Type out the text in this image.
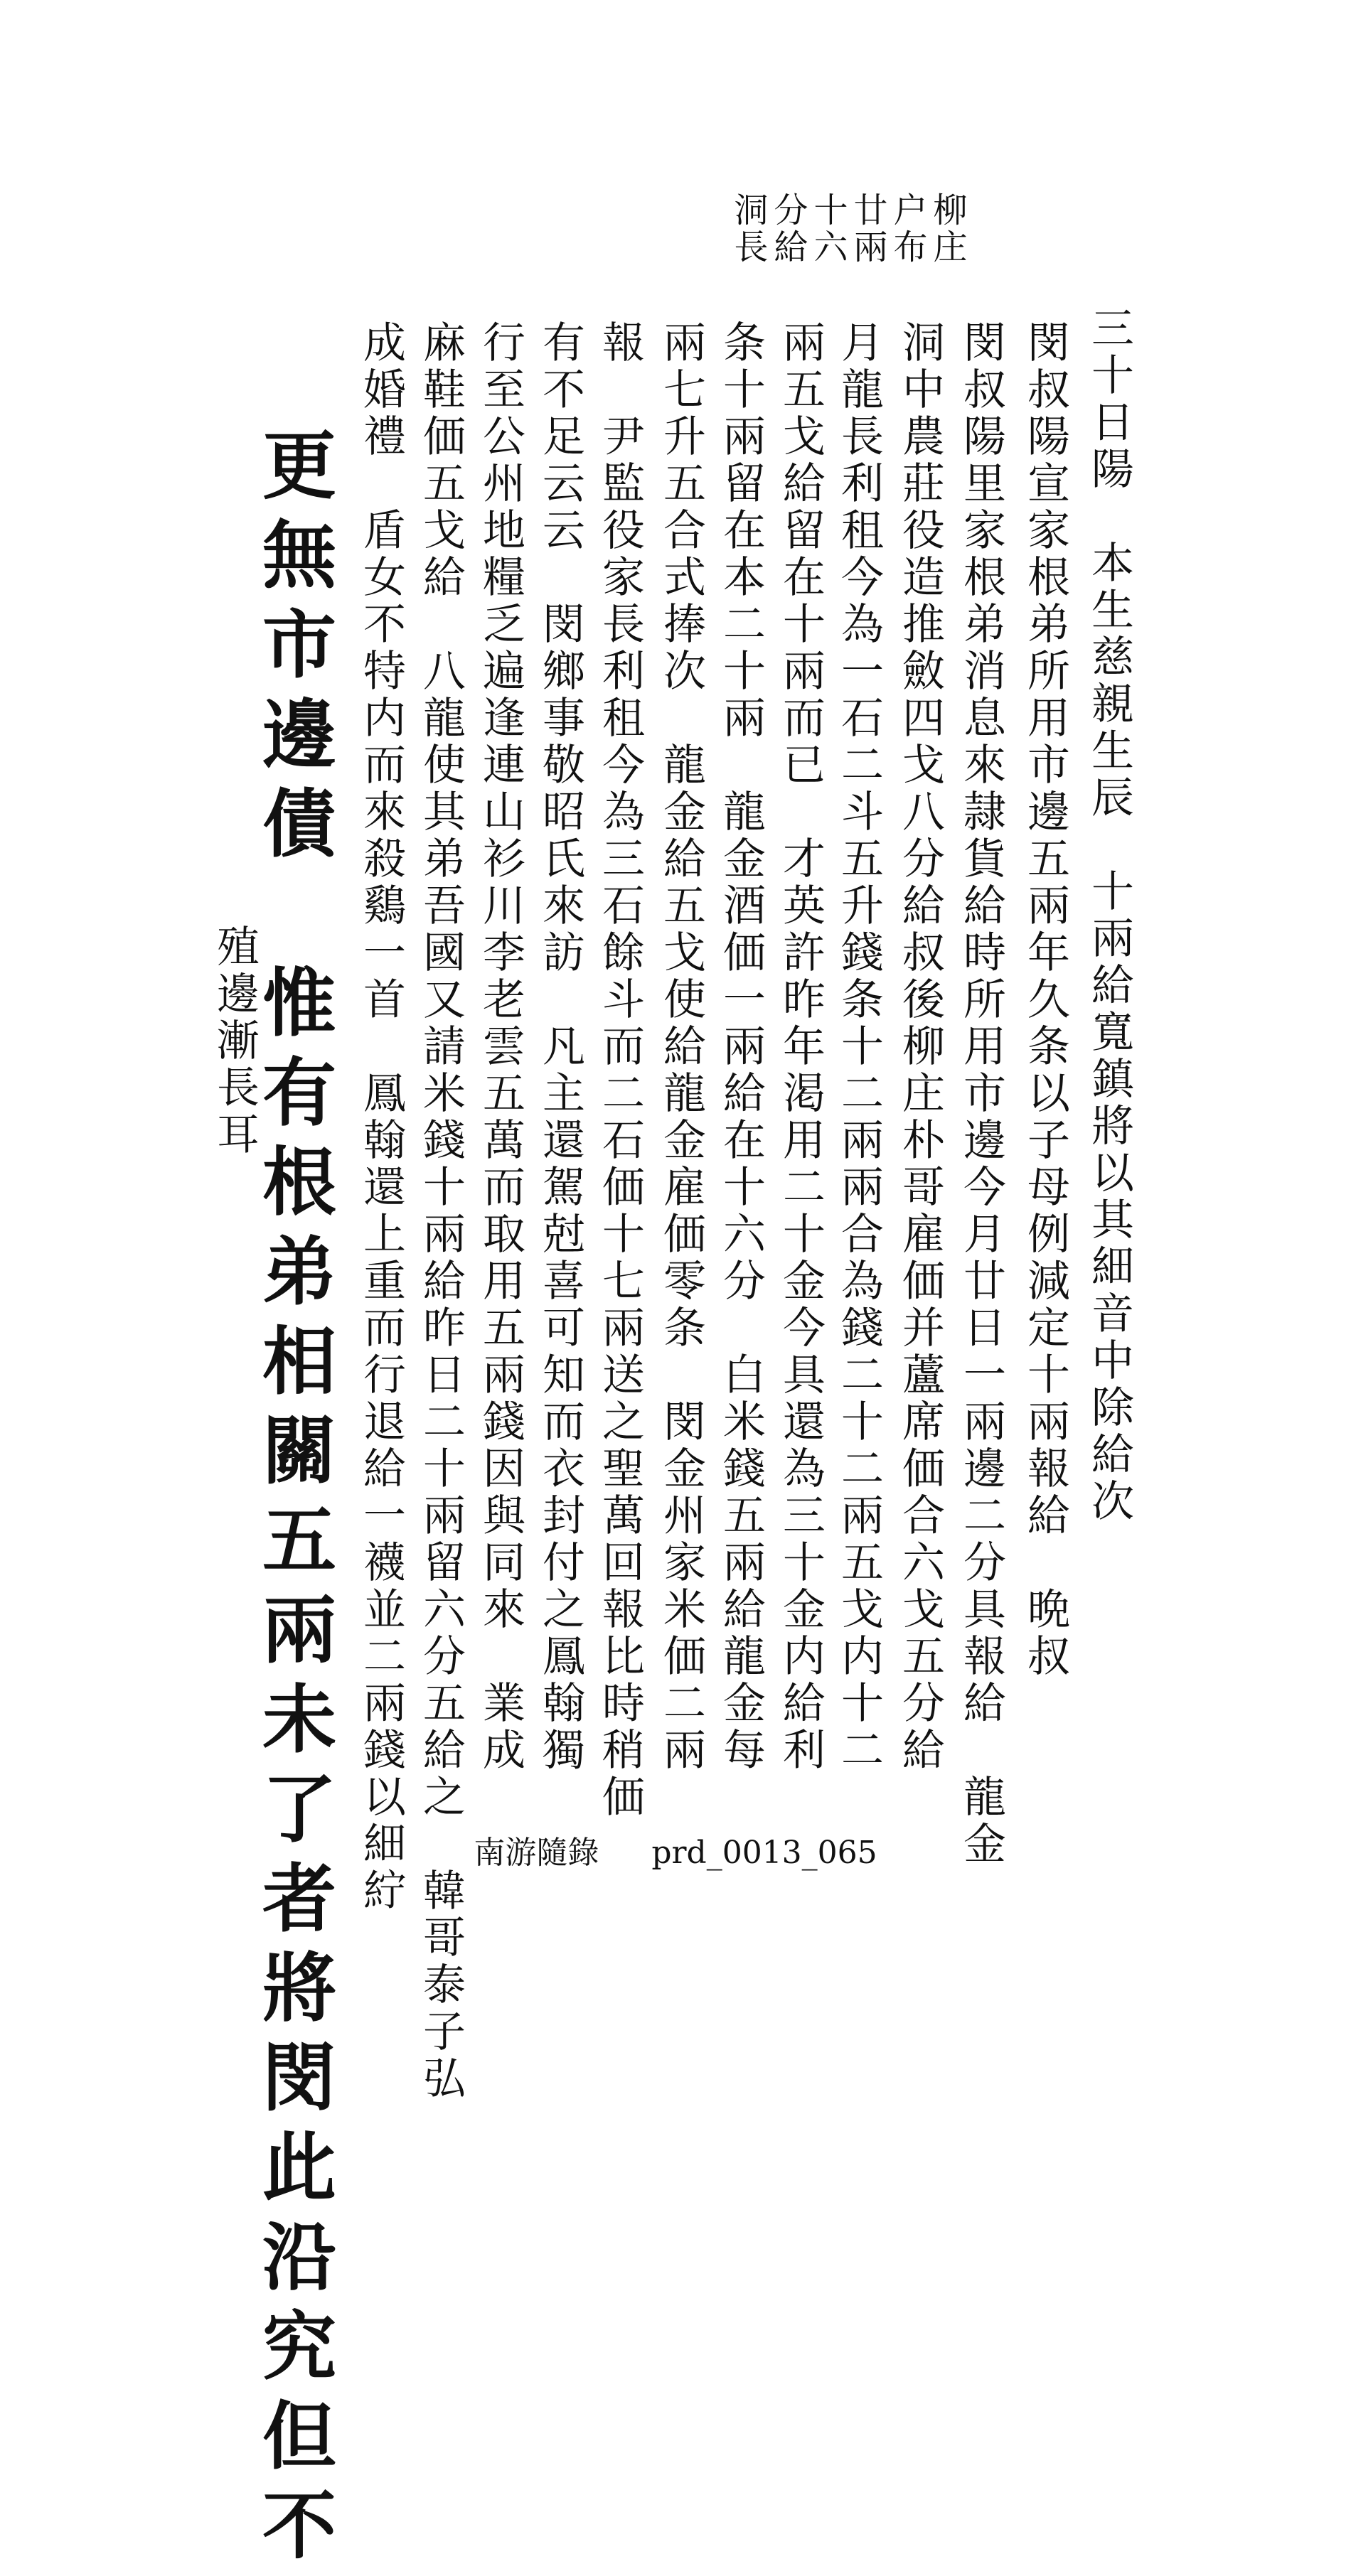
柳庄
户布
廿兩
十六
分給
洞長
三十日陽　本生慈親生辰　十兩給寬鎮將以其細音中除給次
閔叔陽宣家根弟所用市邊五兩年久条以子母例減定十兩報給　晩叔
閔叔陽里家根弟消息來隷貨給時所用市邊今月廿日一兩邊二分具報給　龍金
洞中農莊役造推斂四戈八分給叔後柳庄朴哥雇価并蘆席価合六戈五分給
月龍長利租今為一石二斗五升錢条十二兩兩合為錢二十二兩五戈内十二
兩五戈給留在十兩而已　才英許昨年渇用二十金今具還為三十金内給利
条十兩留在本二十兩　龍金酒価一兩給在十六分　白米錢五兩給龍金每
兩七升五合式捧次　龍金給五戈使給龍金雇価零条　閔金州家米価二兩
報　尹監役家長利租今為三石餘斗而二石価十七兩送之聖萬回報比時稍価
有不足云云　閔鄉事敬昭氏來訪　凡主還駕尅喜可知而衣封付之鳳翰獨
行至公州地糧乏遍逢連山衫川李老雲五萬而取用五兩錢因與同來　業成
麻鞋価五戈給　八龍使其弟吾國又請米錢十兩給昨日二十兩留六分五給之　韓哥泰子弘
成婚禮　盾女不特内而來殺鷄一首　鳳翰還上重而行退給一襪並二兩錢以細紵
更無市邊債　惟有根弟相關五兩未了者將閔此沿究但不
殖邊漸長耳
南游隨錄 prd_0013_065
